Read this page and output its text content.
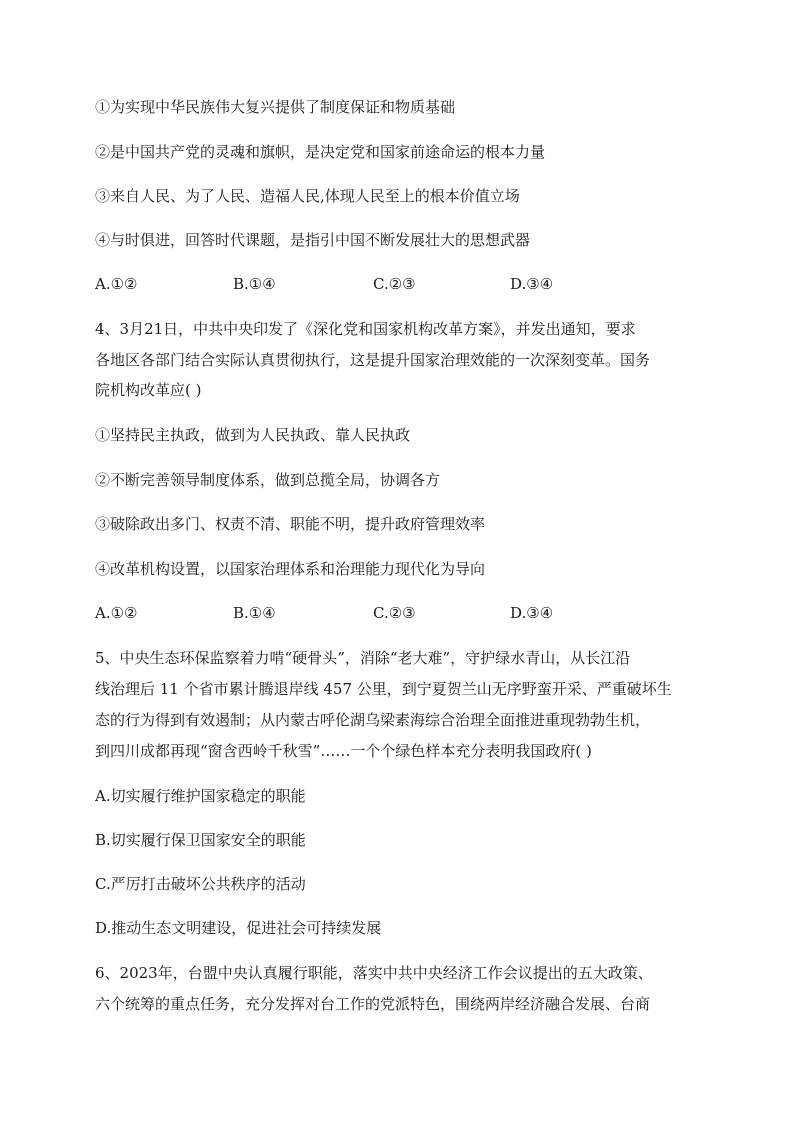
①为实现中华民族伟大复兴提供了制度保证和物质基础
②是中国共产党的灵魂和旗帜，是决定党和国家前途命运的根本力量
③来自人民、为了人民、造福人民,体现人民至上的根本价值立场
④与时俱进，回答时代课题，是指引中国不断发展壮大的思想武器
A.①②	B.①④	C.②③	D.③④
4、3月21日，中共中央印发了《深化党和国家机构改革方案》，并发出通知，要求
各地区各部门结合实际认真贯彻执行，这是提升国家治理效能的一次深刻变革。国务
院机构改革应( )
①坚持民主执政，做到为人民执政、靠人民执政
②不断完善领导制度体系，做到总揽全局，协调各方
③破除政出多门、权责不清、职能不明，提升政府管理效率
④改革机构设置，以国家治理体系和治理能力现代化为导向
A.①②	B.①④	C.②③	D.③④
5、中央生态环保监察着力啃“硬骨头”，消除“老大难”，守护绿水青山，从长江沿
线治理后 11 个省市累计腾退岸线 457 公里，到宁夏贺兰山无序野蛮开采、严重破坏生
态的行为得到有效遏制；从内蒙古呼伦湖乌梁素海综合治理全面推进重现勃勃生机，
到四川成都再现“窗含西岭千秋雪”……一个个绿色样本充分表明我国政府( )
A.切实履行维护国家稳定的职能
B.切实履行保卫国家安全的职能
C.严厉打击破坏公共秩序的活动
D.推动生态文明建设，促进社会可持续发展
6、2023年，台盟中央认真履行职能，落实中共中央经济工作会议提出的五大政策、
六个统筹的重点任务，充分发挥对台工作的党派特色，围绕两岸经济融合发展、台商
